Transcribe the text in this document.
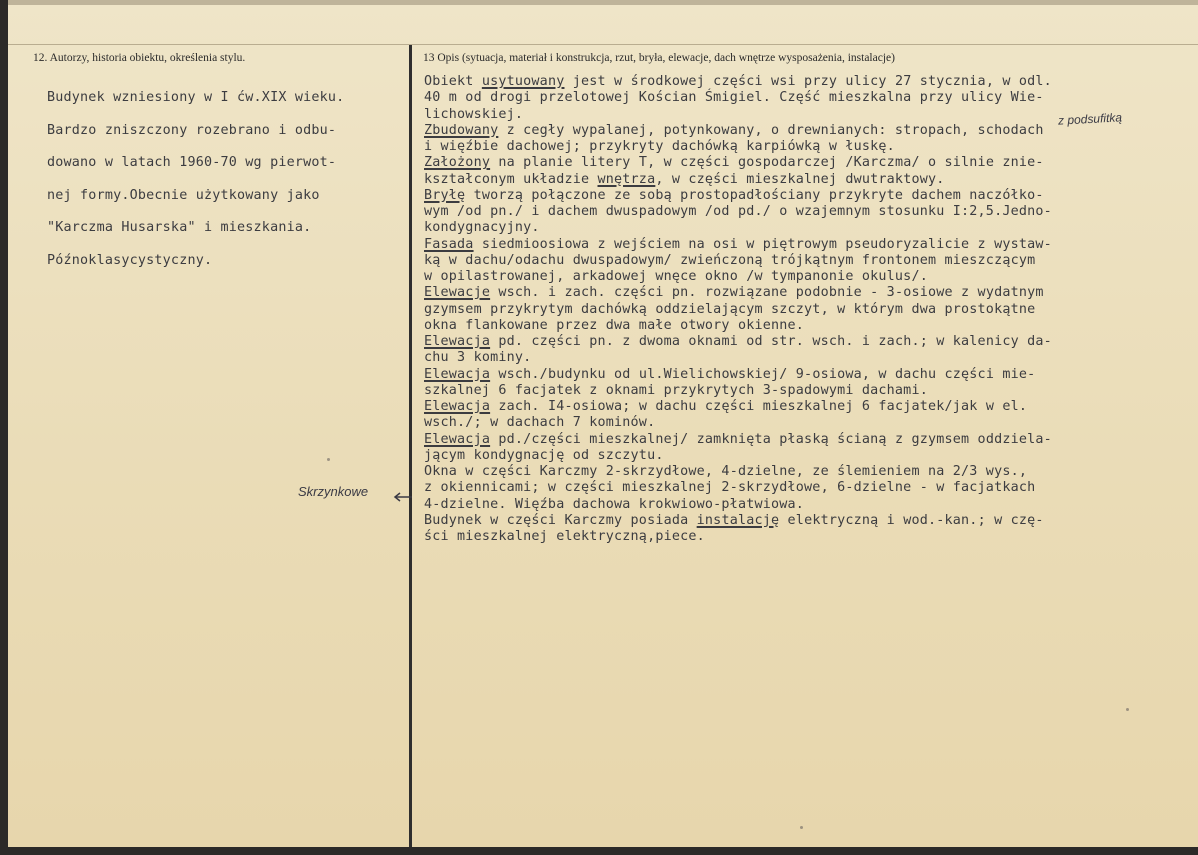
12. Autorzy, historia obiektu, określenia stylu.	13 Opis (sytuacja, materiał i konstrukcja, rzut, bryła, elewacje, dach wnętrze wysposażenia, instalacje)

Budynek wzniesiony w I ćw.XIX wieku.

Bardzo zniszczony rozebrano i odbu-

dowano w latach 1960-70 wg pierwot-

nej formy.Obecnie użytkowany jako

"Karczma Husarska" i mieszkania.

Późnoklasycystyczny.

Obiekt usytuowany jest w środkowej części wsi przy ulicy 27 stycznia, w odl.
40 m od drogi przelotowej Kościan Śmigiel. Część mieszkalna przy ulicy Wie-
lichowskiej.
Zbudowany z cegły wypalanej, potynkowany, o drewnianych: stropach, schodach
i więźbie dachowej; przykryty dachówką karpiówką w łuskę.
Założony na planie litery T, w części gospodarczej /Karczma/ o silnie znie-
kształconym układzie wnętrza, w części mieszkalnej dwutraktowy.
Bryłę tworzą połączone ze sobą prostopadłościany przykryte dachem naczółko-
wym /od pn./ i dachem dwuspadowym /od pd./ o wzajemnym stosunku I:2,5.Jedno-
kondygnacyjny.
Fasada siedmioosiowa z wejściem na osi w piętrowym pseudoryzalicie z wystaw-
ką w dachu/odachu dwuspadowym/ zwieńczoną trójkątnym frontonem mieszczącym
w opilastrowanej, arkadowej wnęce okno /w tympanonie okulus/.
Elewacje wsch. i zach. części pn. rozwiązane podobnie - 3-osiowe z wydatnym
gzymsem przykrytym dachówką oddzielającym szczyt, w którym dwa prostokątne
okna flankowane przez dwa małe otwory okienne.
Elewacja pd. części pn. z dwoma oknami od str. wsch. i zach.; w kalenicy da-
chu 3 kominy.
Elewacja wsch./budynku od ul.Wielichowskiej/ 9-osiowa, w dachu części mie-
szkalnej 6 facjatek z oknami przykrytych 3-spadowymi dachami.
Elewacja zach. I4-osiowa; w dachu części mieszkalnej 6 facjatek/jak w el.
wsch./; w dachach 7 kominów.
Elewacja pd./części mieszkalnej/ zamknięta płaską ścianą z gzymsem oddziela-
jącym kondygnację od szczytu.
Okna w części Karczmy 2-skrzydłowe, 4-dzielne, ze ślemieniem na 2/3 wys.,
z okiennicami; w części mieszkalnej 2-skrzydłowe, 6-dzielne - w facjatkach
4-dzielne. Więźba dachowa krokwiowo-płatwiowa.
Budynek w części Karczmy posiada instalację elektryczną i wod.-kan.; w czę-
ści mieszkalnej elektryczną,piece.
z podsufitką
Skrzynkowe
